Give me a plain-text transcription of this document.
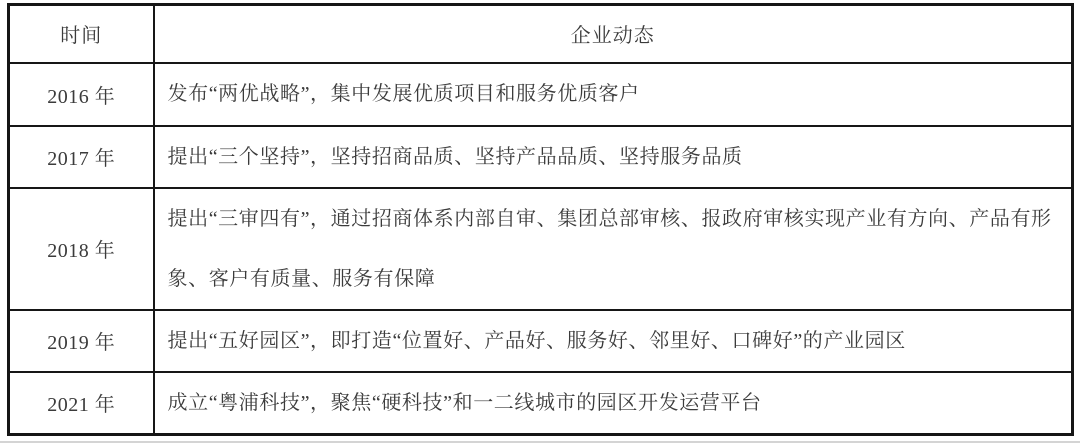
时间	企业动态
2016 年	发布“两优战略”，集中发展优质项目和服务优质客户
2017 年	提出“三个坚持”，坚持招商品质、坚持产品品质、坚持服务品质
2018 年	提出“三审四有”，通过招商体系内部自审、集团总部审核、报政府审核实现产业有方向、产品有形象、客户有质量、服务有保障
2019 年	提出“五好园区”，即打造“位置好、产品好、服务好、邻里好、口碑好”的产业园区
2021 年	成立“粤浦科技”，聚焦“硬科技”和一二线城市的园区开发运营平台
